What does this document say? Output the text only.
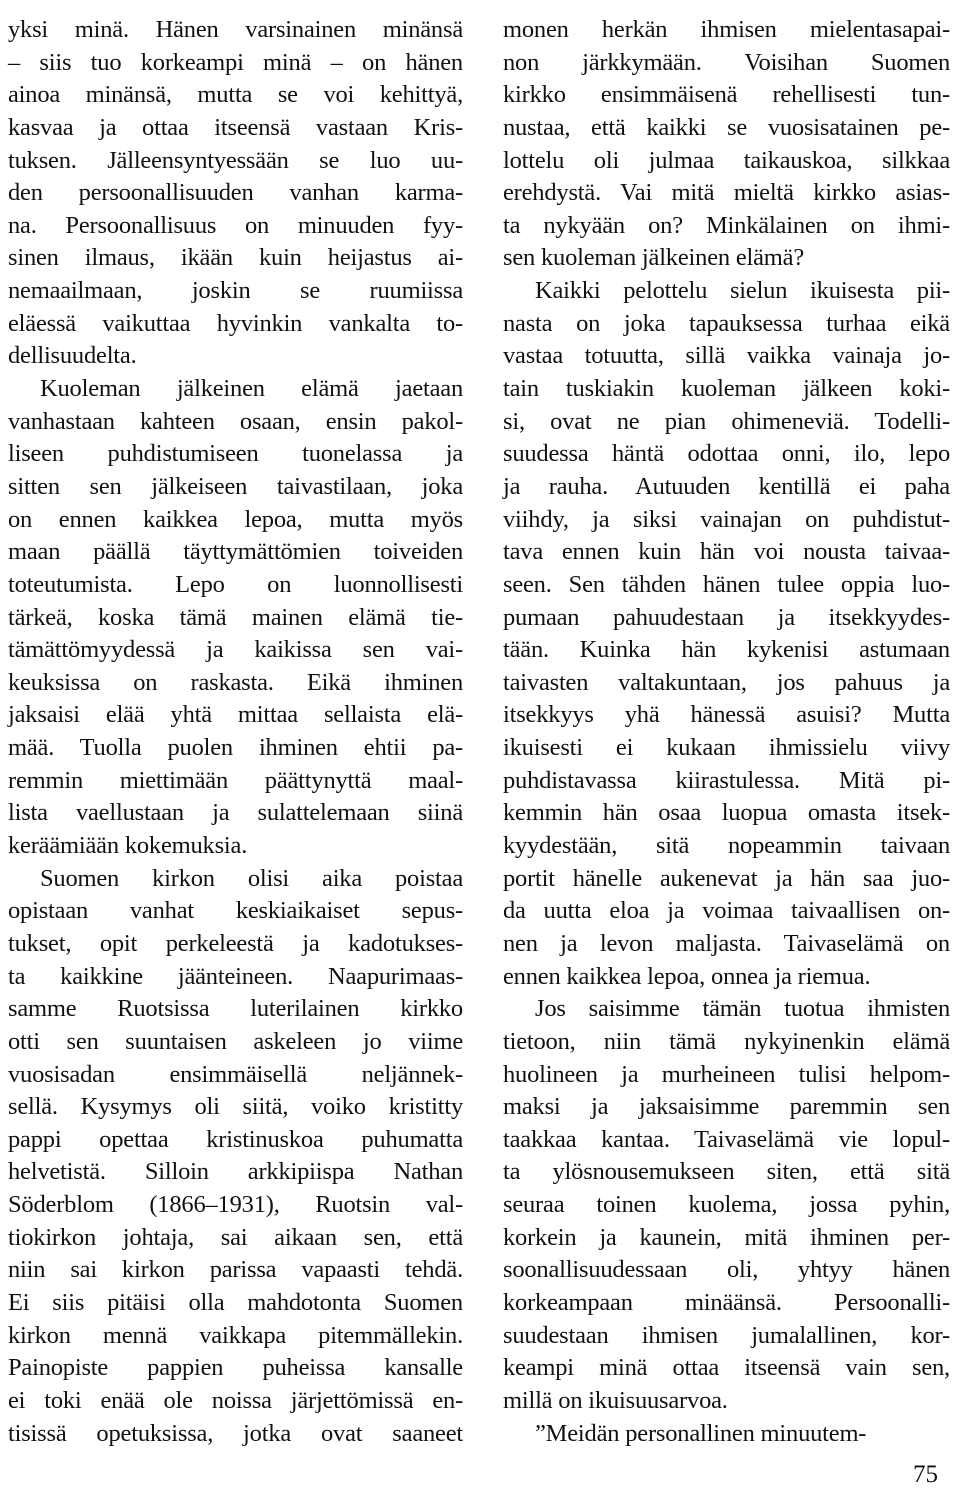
yksi minä. Hänen varsinainen minänsä
– siis tuo korkeampi minä – on hänen
ainoa minänsä, mutta se voi kehittyä,
kasvaa ja ottaa itseensä vastaan Kris-
tuksen. Jälleensyntyessään se luo uu-
den persoonallisuuden vanhan karma-
na. Persoonallisuus on minuuden fyy-
sinen ilmaus, ikään kuin heijastus ai-
nemaailmaan, joskin se ruumiissa
eläessä vaikuttaa hyvinkin vankalta to-
dellisuudelta.
Kuoleman jälkeinen elämä jaetaan
vanhastaan kahteen osaan, ensin pakol-
liseen puhdistumiseen tuonelassa ja
sitten sen jälkeiseen taivastilaan, joka
on ennen kaikkea lepoa, mutta myös
maan päällä täyttymättömien toiveiden
toteutumista. Lepo on luonnollisesti
tärkeä, koska tämä mainen elämä tie-
tämättömyydessä ja kaikissa sen vai-
keuksissa on raskasta. Eikä ihminen
jaksaisi elää yhtä mittaa sellaista elä-
mää. Tuolla puolen ihminen ehtii pa-
remmin miettimään päättynyttä maal-
lista vaellustaan ja sulattelemaan siinä
keräämiään kokemuksia.
Suomen kirkon olisi aika poistaa
opistaan vanhat keskiaikaiset sepus-
tukset, opit perkeleestä ja kadotukses-
ta kaikkine jäänteineen. Naapurimaas-
samme Ruotsissa luterilainen kirkko
otti sen suuntaisen askeleen jo viime
vuosisadan ensimmäisellä neljännek-
sellä. Kysymys oli siitä, voiko kristitty
pappi opettaa kristinuskoa puhumatta
helvetistä. Silloin arkkipiispa Nathan
Söderblom (1866–1931), Ruotsin val-
tiokirkon johtaja, sai aikaan sen, että
niin sai kirkon parissa vapaasti tehdä.
Ei siis pitäisi olla mahdotonta Suomen
kirkon mennä vaikkapa pitemmällekin.
Painopiste pappien puheissa kansalle
ei toki enää ole noissa järjettömissä en-
tisissä opetuksissa, jotka ovat saaneet
monen herkän ihmisen mielentasapai-
non järkkymään. Voisihan Suomen
kirkko ensimmäisenä rehellisesti tun-
nustaa, että kaikki se vuosisatainen pe-
lottelu oli julmaa taikauskoa, silkkaa
erehdystä. Vai mitä mieltä kirkko asias-
ta nykyään on? Minkälainen on ihmi-
sen kuoleman jälkeinen elämä?
Kaikki pelottelu sielun ikuisesta pii-
nasta on joka tapauksessa turhaa eikä
vastaa totuutta, sillä vaikka vainaja jo-
tain tuskiakin kuoleman jälkeen koki-
si, ovat ne pian ohimeneviä. Todelli-
suudessa häntä odottaa onni, ilo, lepo
ja rauha. Autuuden kentillä ei paha
viihdy, ja siksi vainajan on puhdistut-
tava ennen kuin hän voi nousta taivaa-
seen. Sen tähden hänen tulee oppia luo-
pumaan pahuudestaan ja itsekkyydes-
tään. Kuinka hän kykenisi astumaan
taivasten valtakuntaan, jos pahuus ja
itsekkyys yhä hänessä asuisi? Mutta
ikuisesti ei kukaan ihmissielu viivy
puhdistavassa kiirastulessa. Mitä pi-
kemmin hän osaa luopua omasta itsek-
kyydestään, sitä nopeammin taivaan
portit hänelle aukenevat ja hän saa juo-
da uutta eloa ja voimaa taivaallisen on-
nen ja levon maljasta. Taivaselämä on
ennen kaikkea lepoa, onnea ja riemua.
Jos saisimme tämän tuotua ihmisten
tietoon, niin tämä nykyinenkin elämä
huolineen ja murheineen tulisi helpom-
maksi ja jaksaisimme paremmin sen
taakkaa kantaa. Taivaselämä vie lopul-
ta ylösnousemukseen siten, että sitä
seuraa toinen kuolema, jossa pyhin,
korkein ja kaunein, mitä ihminen per-
soonallisuudessaan oli, yhtyy hänen
korkeampaan minäänsä. Persoonalli-
suudestaan ihmisen jumalallinen, kor-
keampi minä ottaa itseensä vain sen,
millä on ikuisuusarvoa.
”Meidän personallinen minuutem-
75
